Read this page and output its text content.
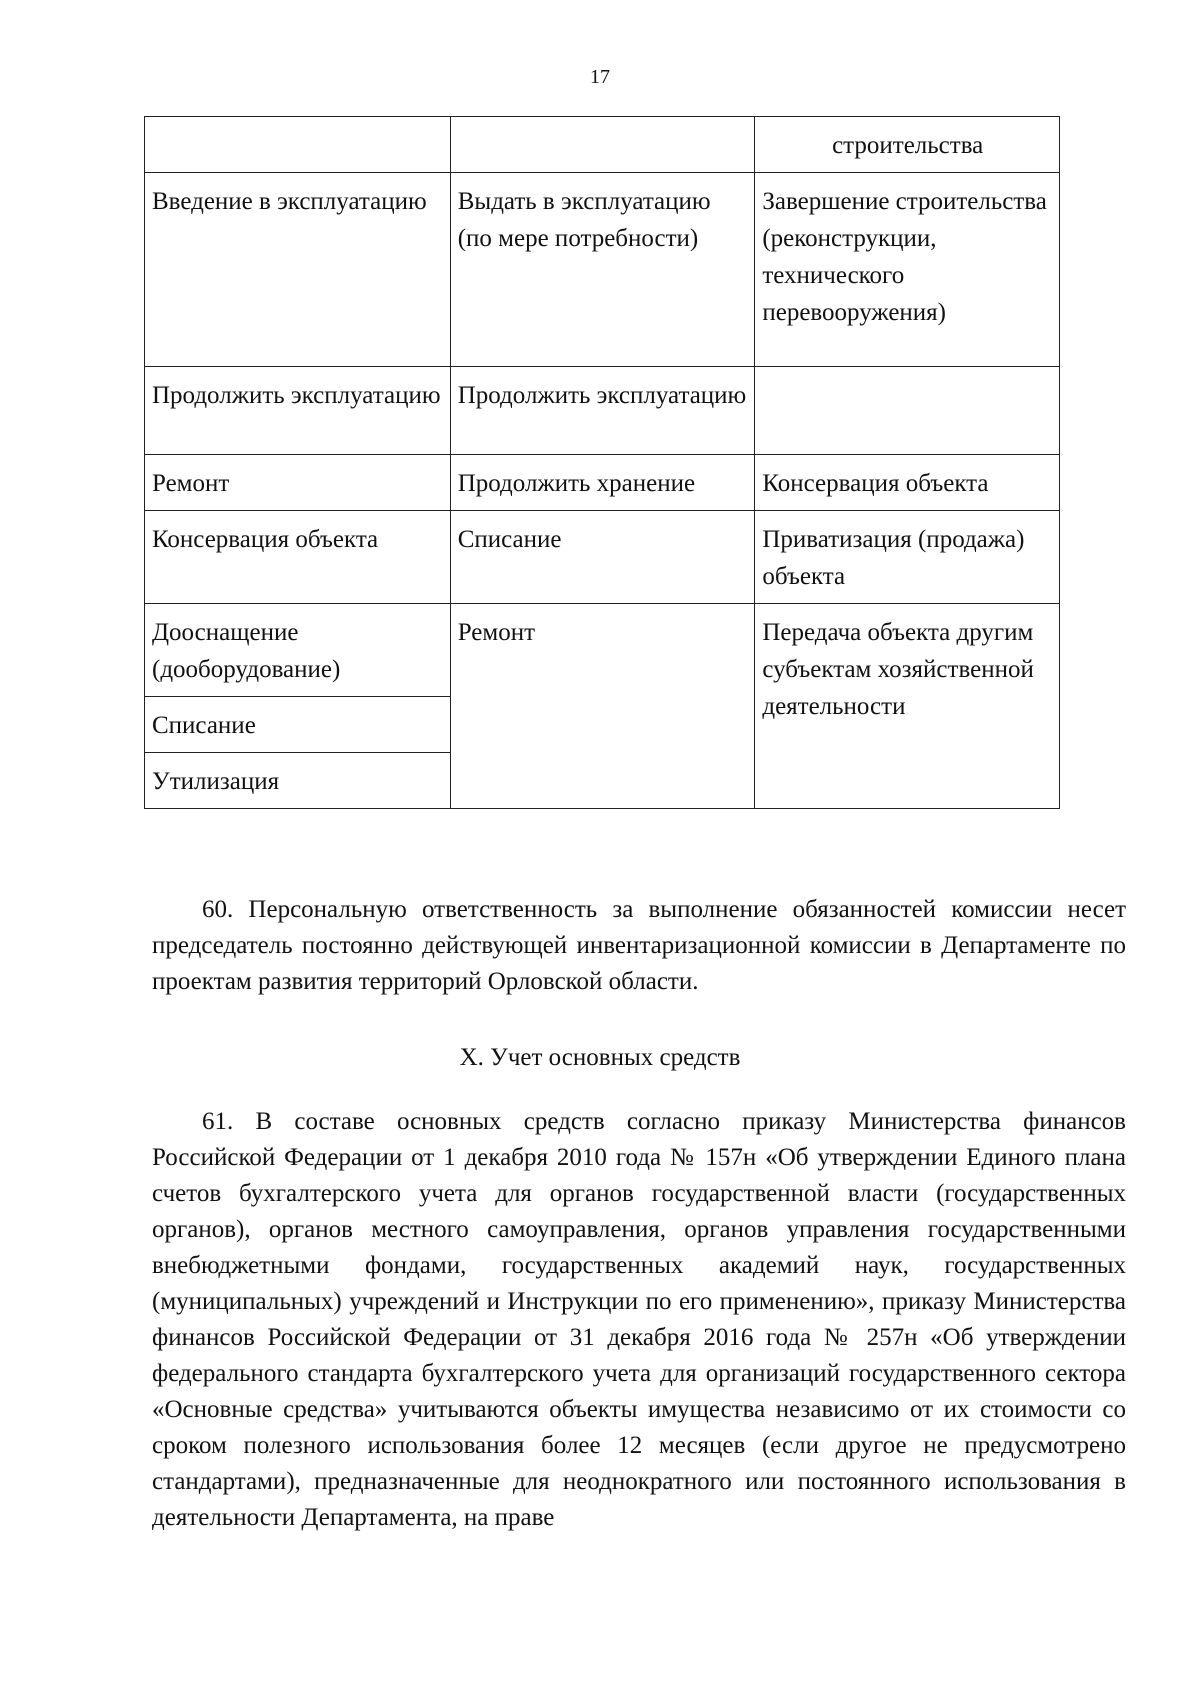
17
		строительства
Введение в эксплуатацию	Выдать в эксплуатацию (по мере потребности)	Завершение строительства (реконструкции, технического перевооружения)
Продолжить эксплуатацию	Продолжить эксплуатацию	
Ремонт	Продолжить хранение	Консервация объекта
Консервация объекта	Списание	Приватизация (продажа) объекта
Дооснащение (дооборудование)	Ремонт	Передача объекта другим субъектам хозяйственной деятельности
Списание		
Утилизация		

60. Персональную ответственность за выполнение обязанностей комиссии несет председатель постоянно действующей инвентаризационной комиссии в Департаменте по проектам развития территорий Орловской области.

X. Учет основных средств

61. В составе основных средств согласно приказу Министерства финансов Российской Федерации от 1 декабря 2010 года № 157н «Об утверждении Единого плана счетов бухгалтерского учета для органов государственной власти (государственных органов), органов местного самоуправления, органов управления государственными внебюджетными фондами, государственных академий наук, государственных (муниципальных) учреждений и Инструкции по его применению», приказу Министерства финансов Российской Федерации от 31 декабря 2016 года № 257н «Об утверждении федерального стандарта бухгалтерского учета для организаций государственного сектора «Основные средства» учитываются объекты имущества независимо от их стоимости со сроком полезного использования более 12 месяцев (если другое не предусмотрено стандартами), предназначенные для неоднократного или постоянного использования в деятельности Департамента, на праве
